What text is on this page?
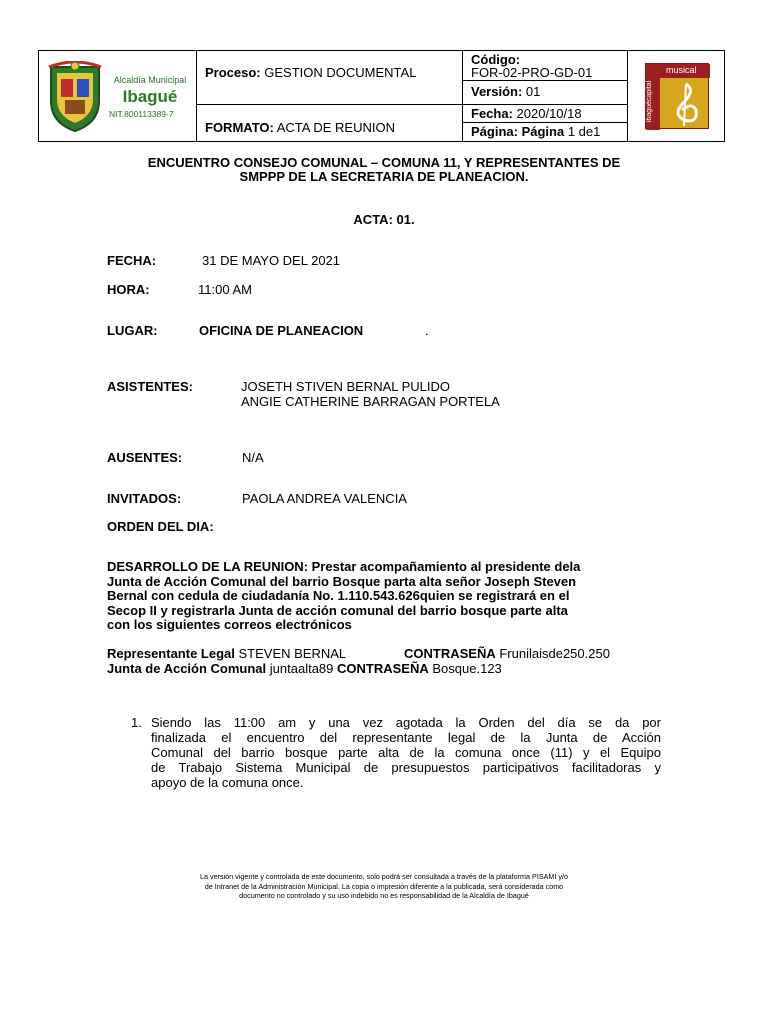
Alcaldía Municipal
Ibagué
NIT.800113389-7
Proceso: GESTION DOCUMENTAL
FORMATO: ACTA DE REUNION
Código:
FOR-02-PRO-GD-01
Versión: 01
Fecha: 2020/10/18
Página: Página 1 de1
musical
ibaguécapital
ENCUENTRO CONSEJO COMUNAL – COMUNA 11, Y REPRESENTANTES DE
SMPPP DE LA SECRETARIA DE PLANEACION.
ACTA: 01.
FECHA:	31 DE MAYO DEL 2021
HORA:	11:00 AM
LUGAR:	OFICINA DE PLANEACION	.
ASISTENTES:	JOSETH STIVEN BERNAL PULIDO
ANGIE CATHERINE BARRAGAN PORTELA
AUSENTES:	N/A
INVITADOS:	PAOLA ANDREA VALENCIA
ORDEN DEL DIA:
DESARROLLO DE LA REUNION: Prestar acompañamiento al presidente dela
Junta de Acción Comunal del barrio Bosque parta alta señor Joseph Steven
Bernal con cedula de ciudadanía No. 1.110.543.626quien se registrará en el
Secop II y registrarla Junta de acción comunal del barrio bosque parte alta
con los siguientes correos electrónicos
Representante Legal STEVEN BERNAL	CONTRASEÑA Frunilaisde250.250
Junta de Acción Comunal juntaalta89 CONTRASEÑA Bosque.123
1. Siendo las 11:00 am y una vez agotada la Orden del día se da por
finalizada el encuentro del representante legal de la Junta de Acción
Comunal del barrio bosque parte alta de la comuna once (11) y el Equipo
de Trabajo Sistema Municipal de presupuestos participativos facilitadoras y
apoyo de la comuna once.
La versión vigente y controlada de este documento, solo podrá ser consultada a través de la plataforma PISAMI y/o
de Intranet de la Administración Municipal. La copia o impresión diferente a la publicada, será considerada como
documento no controlado y su uso indebido no es responsabilidad de la Alcaldía de Ibagué
